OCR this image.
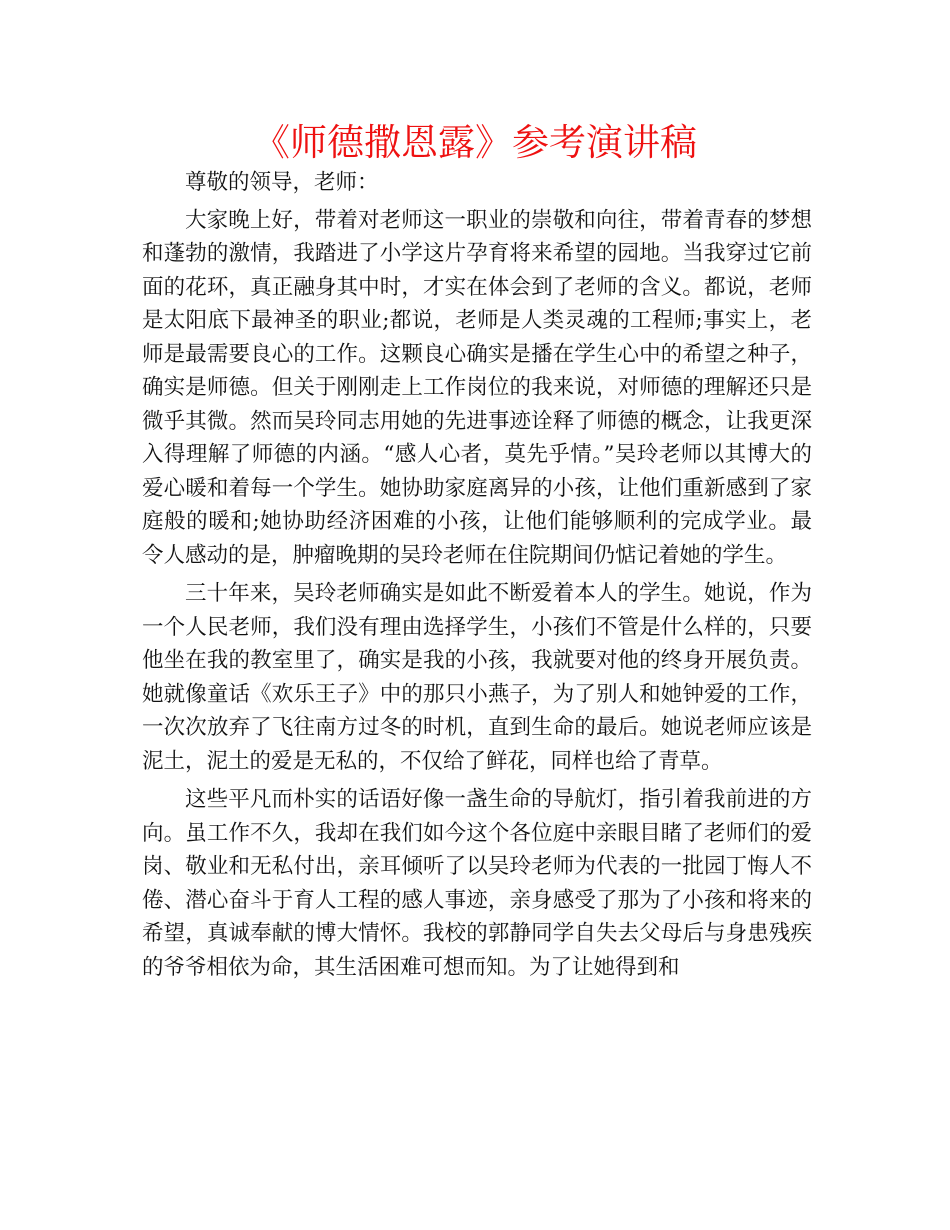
《师德撒恩露》参考演讲稿

尊敬的领导，老师：

大家晚上好，带着对老师这一职业的崇敬和向往，带着青春的梦想和蓬勃的激情，我踏进了小学这片孕育将来希望的园地。当我穿过它前面的花环，真正融身其中时，才实在体会到了老师的含义。都说，老师是太阳底下最神圣的职业;都说，老师是人类灵魂的工程师;事实上，老师是最需要良心的工作。这颗良心确实是播在学生心中的希望之种子，确实是师德。但关于刚刚走上工作岗位的我来说，对师德的理解还只是微乎其微。然而吴玲同志用她的先进事迹诠释了师德的概念，让我更深入得理解了师德的内涵。“感人心者，莫先乎情。”吴玲老师以其博大的爱心暖和着每一个学生。她协助家庭离异的小孩，让他们重新感到了家庭般的暖和;她协助经济困难的小孩，让他们能够顺利的完成学业。最令人感动的是，肿瘤晚期的吴玲老师在住院期间仍惦记着她的学生。

三十年来，吴玲老师确实是如此不断爱着本人的学生。她说，作为一个人民老师，我们没有理由选择学生，小孩们不管是什么样的，只要他坐在我的教室里了，确实是我的小孩，我就要对他的终身开展负责。她就像童话《欢乐王子》中的那只小燕子，为了别人和她钟爱的工作，一次次放弃了飞往南方过冬的时机，直到生命的最后。她说老师应该是泥土，泥土的爱是无私的，不仅给了鲜花，同样也给了青草。

这些平凡而朴实的话语好像一盏生命的导航灯，指引着我前进的方向。虽工作不久，我却在我们如今这个各位庭中亲眼目睹了老师们的爱岗、敬业和无私付出，亲耳倾听了以吴玲老师为代表的一批园丁悔人不倦、潜心奋斗于育人工程的感人事迹，亲身感受了那为了小孩和将来的希望，真诚奉献的博大情怀。我校的郭静同学自失去父母后与身患残疾的爷爷相依为命，其生活困难可想而知。为了让她得到和
